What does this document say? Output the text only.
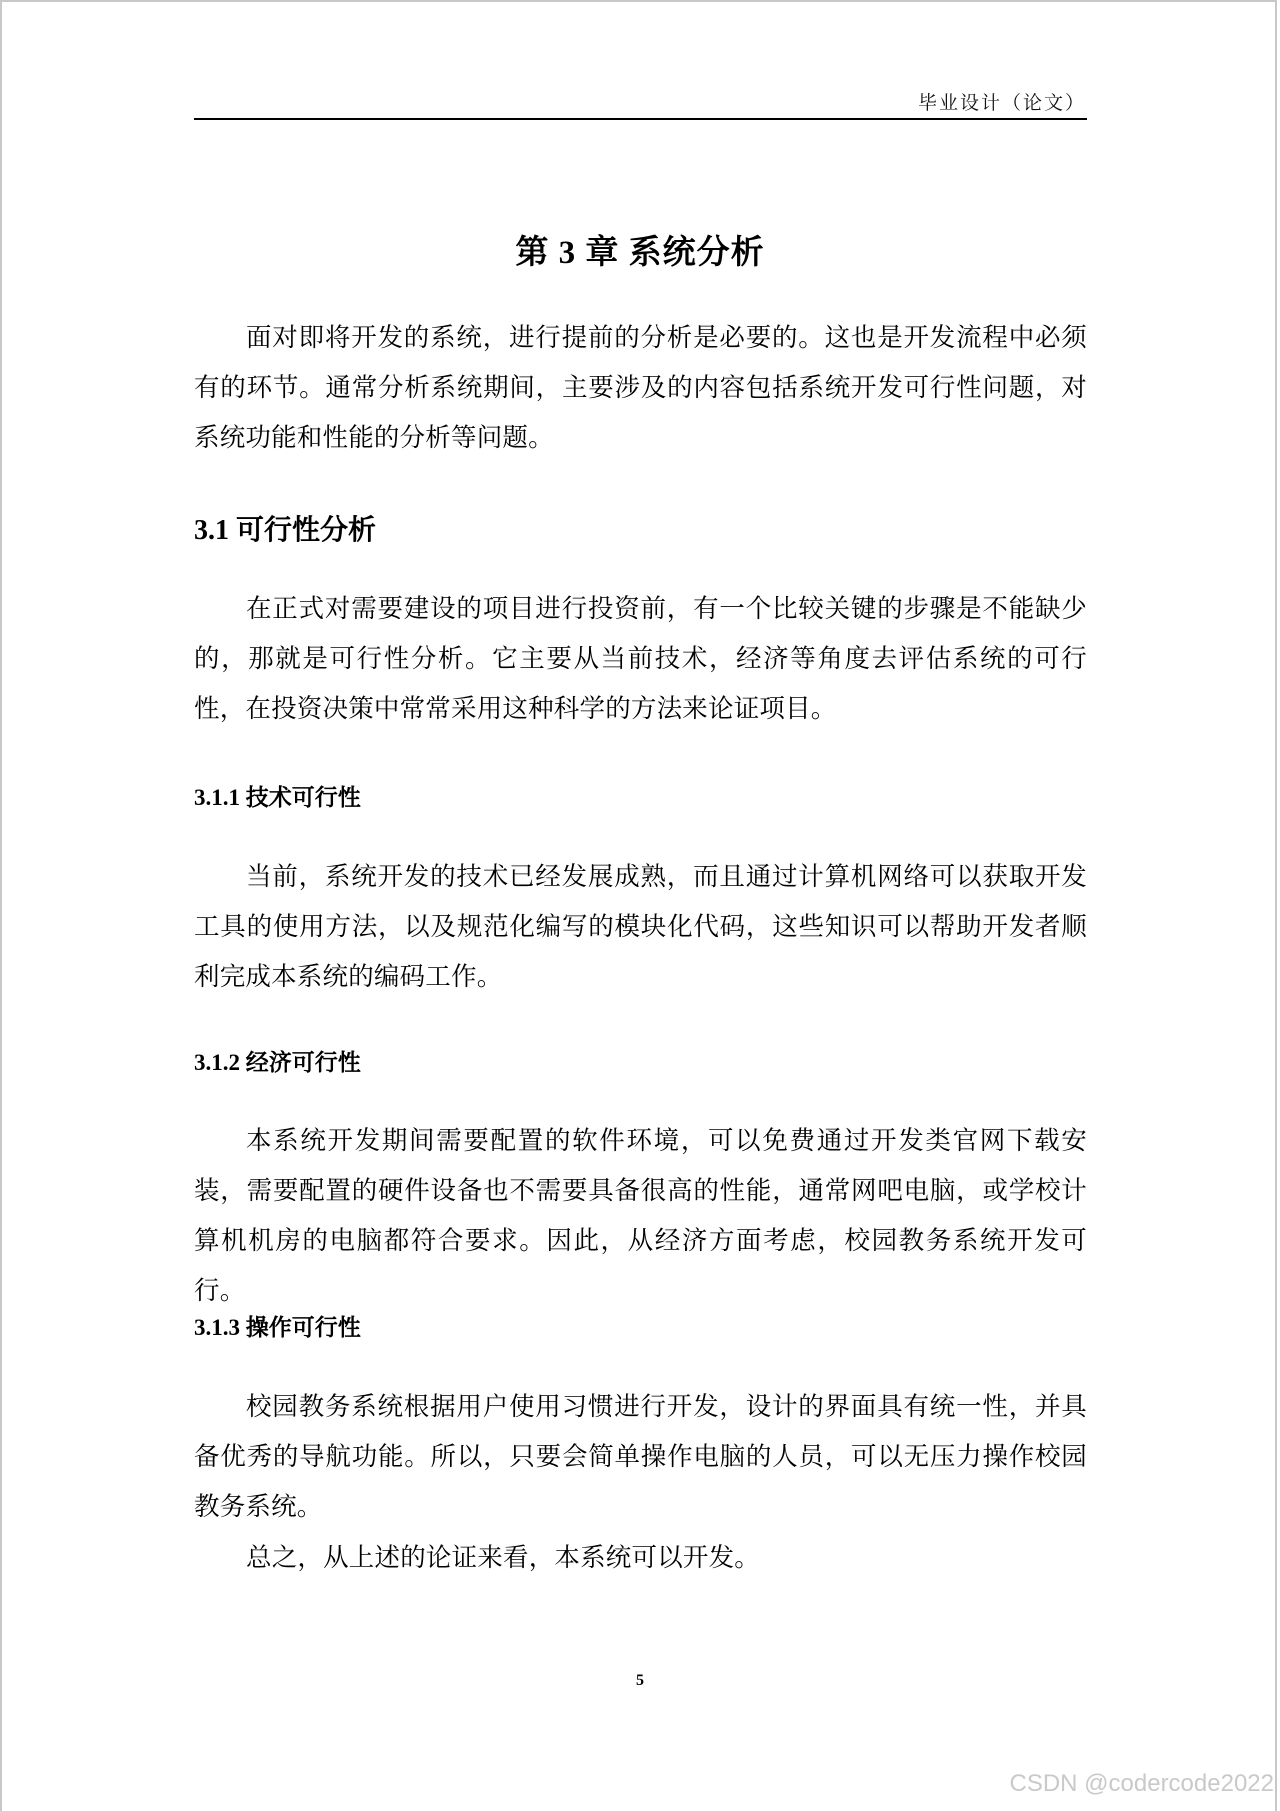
毕业设计（论文）
第 3 章 系统分析
面对即将开发的系统，进行提前的分析是必要的。这也是开发流程中必须有的环节。通常分析系统期间，主要涉及的内容包括系统开发可行性问题，对系统功能和性能的分析等问题。
3.1 可行性分析
在正式对需要建设的项目进行投资前，有一个比较关键的步骤是不能缺少的，那就是可行性分析。它主要从当前技术，经济等角度去评估系统的可行性，在投资决策中常常采用这种科学的方法来论证项目。
3.1.1 技术可行性
当前，系统开发的技术已经发展成熟，而且通过计算机网络可以获取开发工具的使用方法，以及规范化编写的模块化代码，这些知识可以帮助开发者顺利完成本系统的编码工作。
3.1.2 经济可行性
本系统开发期间需要配置的软件环境，可以免费通过开发类官网下载安装，需要配置的硬件设备也不需要具备很高的性能，通常网吧电脑，或学校计算机机房的电脑都符合要求。因此，从经济方面考虑，校园教务系统开发可行。
3.1.3 操作可行性
校园教务系统根据用户使用习惯进行开发，设计的界面具有统一性，并具备优秀的导航功能。所以，只要会简单操作电脑的人员，可以无压力操作校园教务系统。
总之，从上述的论证来看，本系统可以开发。
5
CSDN @codercode2022
